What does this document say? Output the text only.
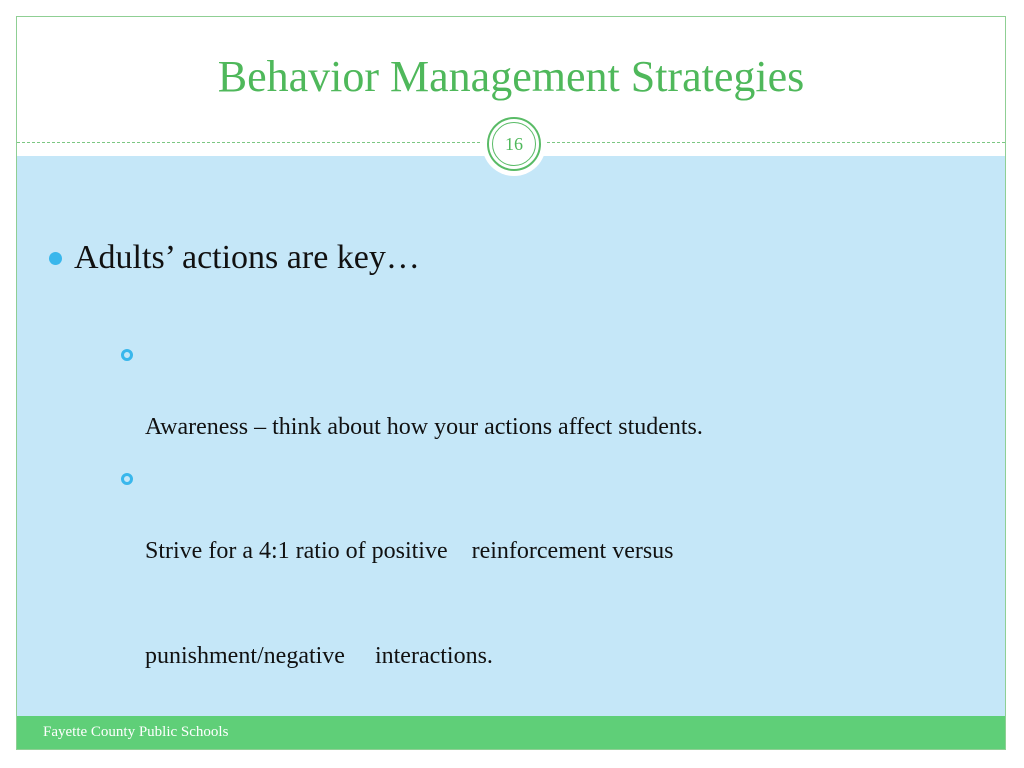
Behavior Management Strategies
Adults’ actions are key…

Awareness – think about how your actions affect students.

Strive for a 4:1 ratio of positive    reinforcement versus

punishment/negative     interactions.

Fayette County Public Schools
16
